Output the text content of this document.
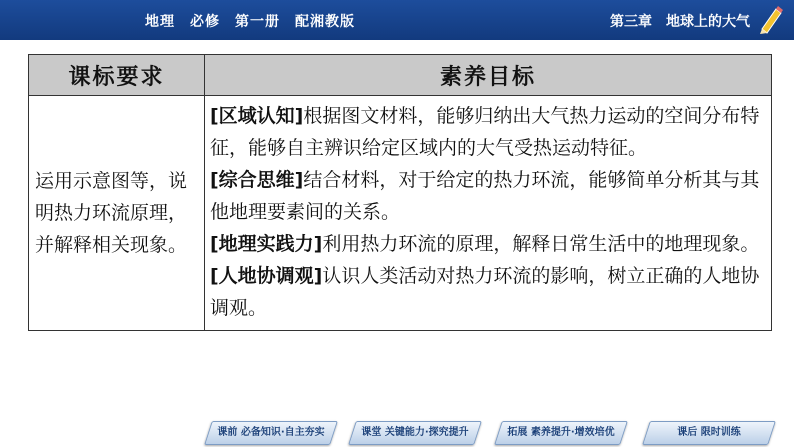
地理　必修　第一册　配湘教版	第三章　地球上的大气
课标要求	素养目标
运用示意图等，说明热力环流原理，并解释相关现象。	[区域认知]根据图文材料，能够归纳出大气热力运动的空间分布特征，能够自主辨识给定区域内的大气受热运动特征。
[综合思维]结合材料，对于给定的热力环流，能够简单分析其与其他地理要素间的关系。
[地理实践力]利用热力环流的原理，解释日常生活中的地理现象。
[人地协调观]认识人类活动对热力环流的影响，树立正确的人地协调观。
课前 必备知识·自主夯实	课堂 关键能力·探究提升	拓展 素养提升·增效培优	课后 限时训练
